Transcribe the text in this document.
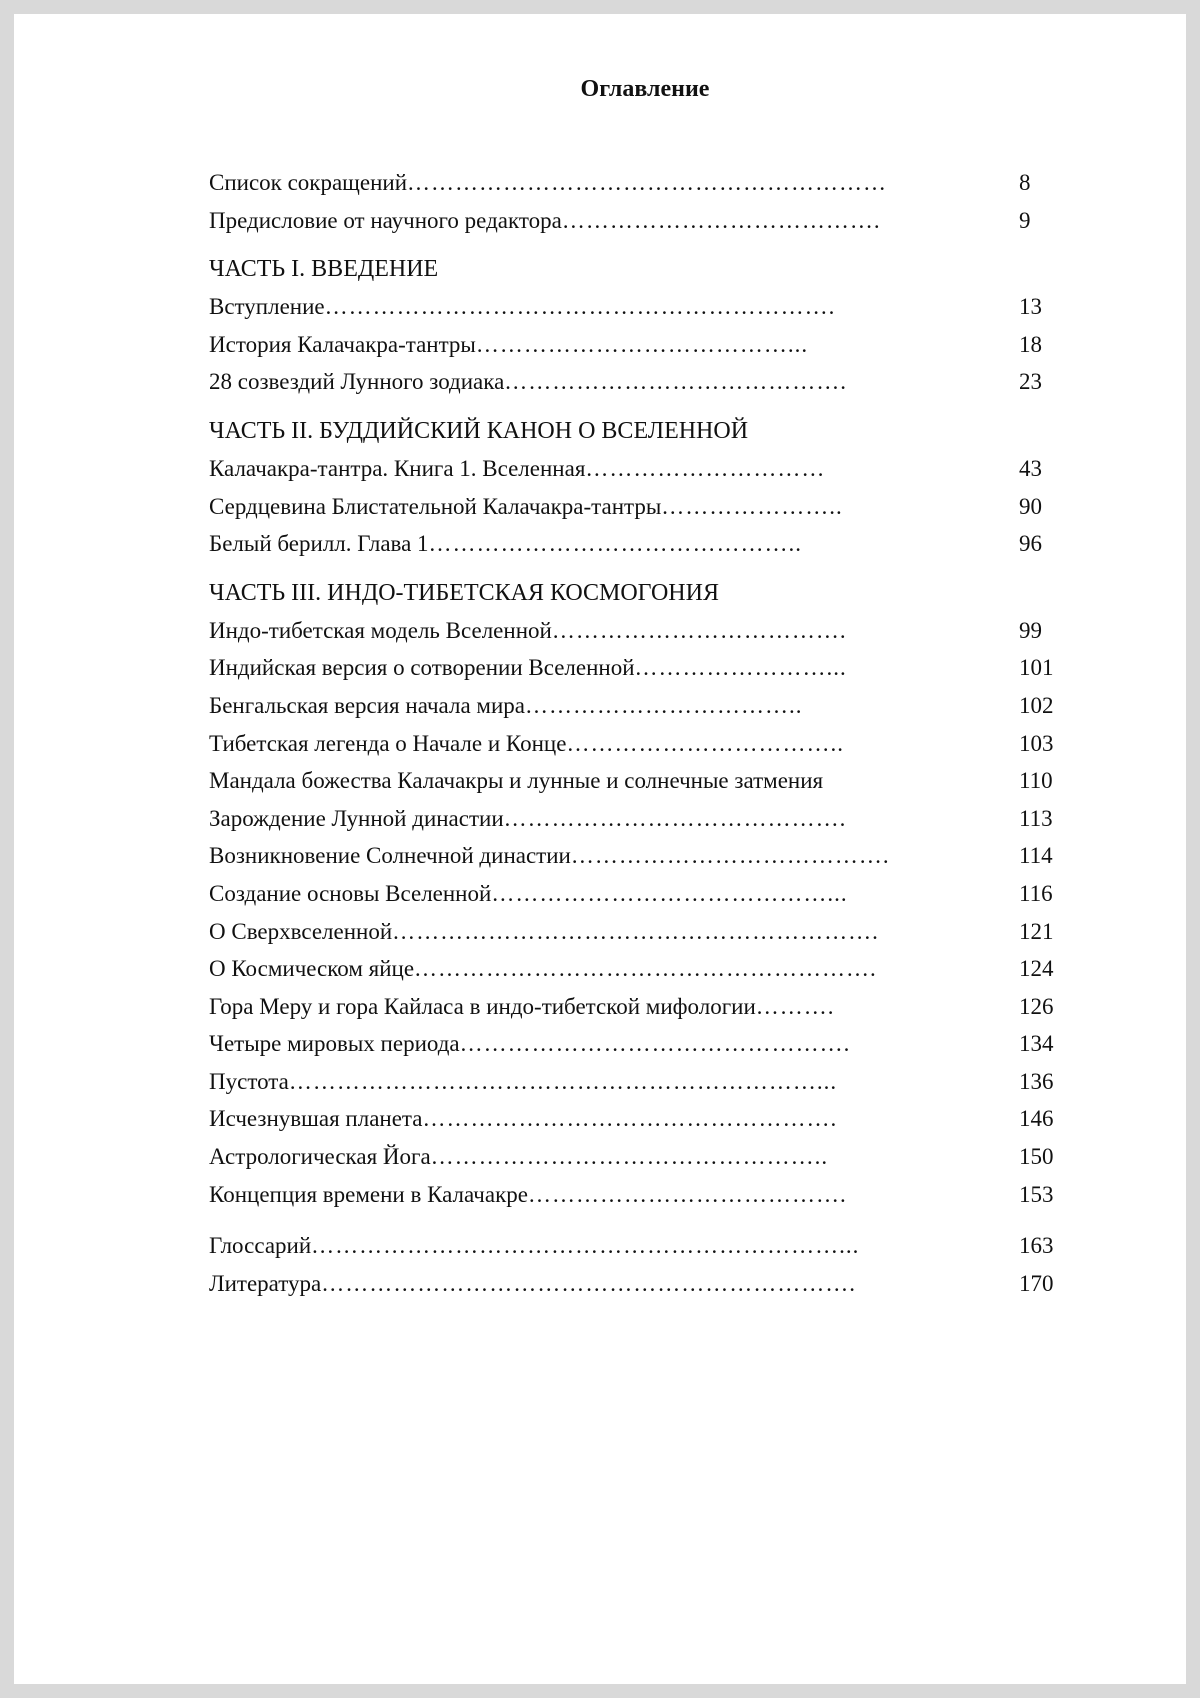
Оглавление
Список сокращений ……………………………………………………	8
Предисловие от научного редактора ………………………………….	9
ЧАСТЬ I. ВВЕДЕНИЕ
Вступление ……………………………………………………….	13
История Калачакра-тантры …………………………………...	18
28 созвездий Лунного зодиака …………………………………….	23
ЧАСТЬ II. БУДДИЙСКИЙ КАНОН О ВСЕЛЕННОЙ
Калачакра-тантра. Книга 1. Вселенная …………………………	43
Сердцевина Блистательной Калачакра-тантры …………………..	90
Белый берилл. Глава 1 ………………………………………..	96
ЧАСТЬ III. ИНДО-ТИБЕТСКАЯ КОСМОГОНИЯ
Индо-тибетская модель Вселенной ……………………………….	99
Индийская версия о сотворении Вселенной ……………………...	101
Бенгальская версия начала мира ……………………………..	102
Тибетская легенда о Начале и Конце ……………………………..	103
Мандала божества Калачакры и лунные и солнечные затмения	110
Зарождение Лунной династии …………………………………….	113
Возникновение Солнечной династии ………………………………….	114
Создание основы Вселенной ……………………………………...	116
О Сверхвселенной …………………………………………………….	121
О Космическом яйце ………………………………………………….	124
Гора Меру и гора Кайласа в индо-тибетской мифологии ……….	126
Четыре мировых периода ………………………………………….	134
Пустота …………………………………………………………...	136
Исчезнувшая планета …………………………………………….	146
Астрологическая Йога …………………………………………..	150
Концепция времени в Калачакре ………………………………….	153
Глоссарий …………………………………………………………...	163
Литература ………………………………………………………….	170
